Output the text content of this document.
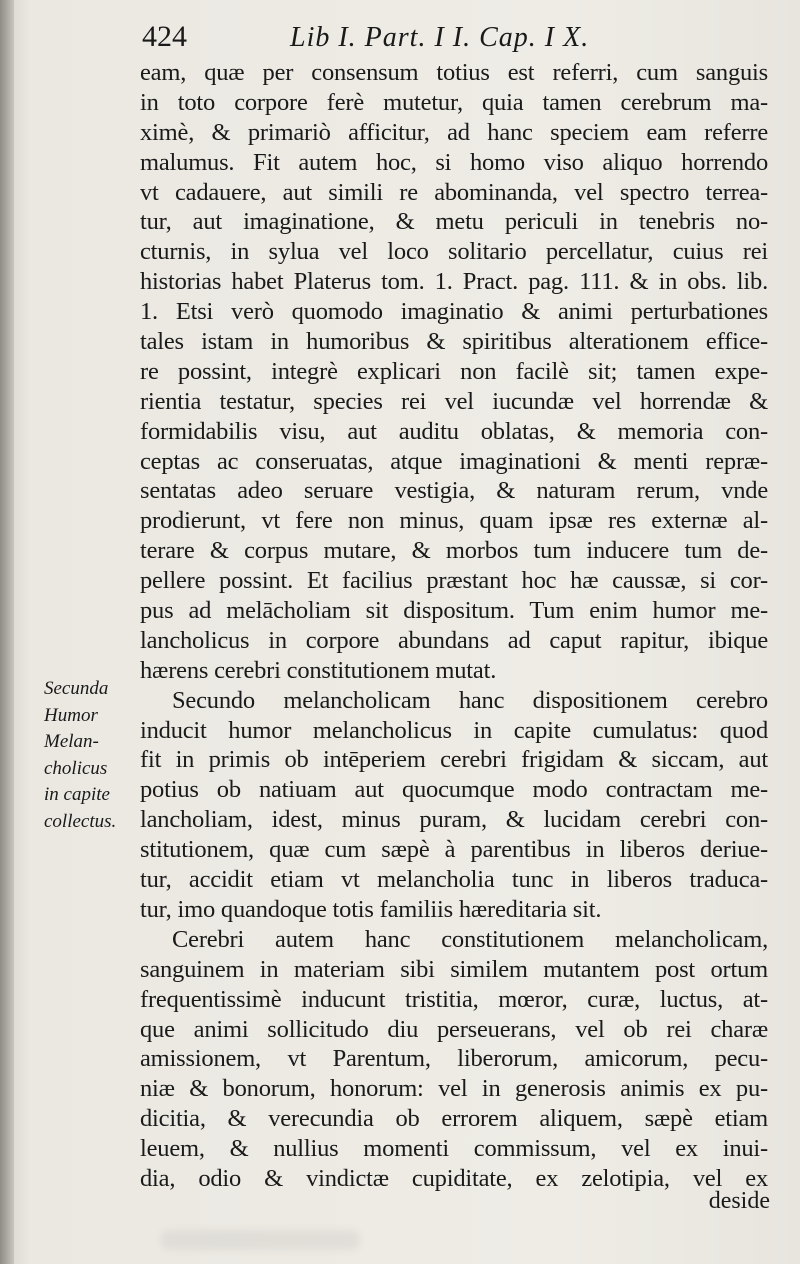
424	Lib I. Part. I I. Cap. I X.
eam, quæ per consensum totius est referri, cum sanguis
in toto corpore ferè mutetur, quia tamen cerebrum ma-
ximè, & primariò afficitur, ad hanc speciem eam referre
malumus. Fit autem hoc, si homo viso aliquo horrendo
vt cadauere, aut simili re abominanda, vel spectro terrea-
tur, aut imaginatione, & metu periculi in tenebris no-
cturnis, in sylua vel loco solitario percellatur, cuius rei
historias habet Platerus tom. 1. Pract. pag. 111. & in obs. lib.
1. Etsi verò quomodo imaginatio & animi perturbationes
tales istam in humoribus & spiritibus alterationem effice-
re possint, integrè explicari non facilè sit; tamen expe-
rientia testatur, species rei vel iucundæ vel horrendæ &
formidabilis visu, aut auditu oblatas, & memoria con-
ceptas ac conseruatas, atque imaginationi & menti repræ-
sentatas adeo seruare vestigia, & naturam rerum, vnde
prodierunt, vt fere non minus, quam ipsæ res externæ al-
terare & corpus mutare, & morbos tum inducere tum de-
pellere possint. Et facilius præstant hoc hæ caussæ, si cor-
pus ad melācholiam sit dispositum. Tum enim humor me-
lancholicus in corpore abundans ad caput rapitur, ibique
hærens cerebri constitutionem mutat.
Secundo melancholicam hanc dispositionem cerebro
inducit humor melancholicus in capite cumulatus: quod
fit in primis ob intēperiem cerebri frigidam & siccam, aut
potius ob natiuam aut quocumque modo contractam me-
lancholiam, idest, minus puram, & lucidam cerebri con-
stitutionem, quæ cum sæpè à parentibus in liberos deriue-
tur, accidit etiam vt melancholia tunc in liberos traduca-
tur, imo quandoque totis familiis hæreditaria sit.
Cerebri autem hanc constitutionem melancholicam,
sanguinem in materiam sibi similem mutantem post ortum
frequentissimè inducunt tristitia, mœror, curæ, luctus, at-
que animi sollicitudo diu perseuerans, vel ob rei charæ
amissionem, vt Parentum, liberorum, amicorum, pecu-
niæ & bonorum, honorum: vel in generosis animis ex pu-
dicitia, & verecundia ob errorem aliquem, sæpè etiam
leuem, & nullius momenti commissum, vel ex inui-
dia, odio & vindictæ cupiditate, ex zelotipia, vel ex
Secunda
Humor
Melan-
cholicus
in capite
collectus.
deside
